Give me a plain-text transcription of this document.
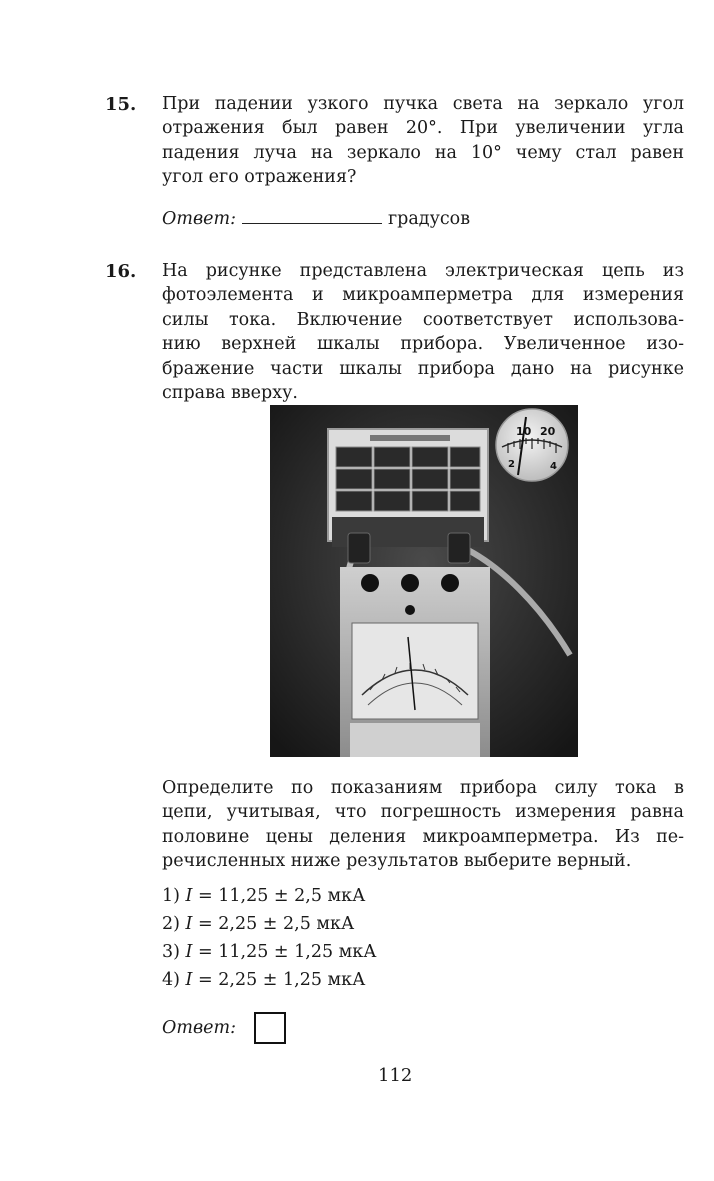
15. При падении узкого пучка света на зеркало угол
отражения был равен 20°. При увеличении угла
падения луча на зеркало на 10° чему стал равен
угол его отражения?
Ответ:	градусов
16. На рисунке представлена электрическая цепь из
фотоэлемента и микроамперметра для измерения
силы тока. Включение соответствует использова-
нию верхней шкалы прибора. Увеличенное изо-
бражение части шкалы прибора дано на рисунке
справа вверху.
10 20
2	4
Определите по показаниям прибора силу тока в
цепи, учитывая, что погрешность измерения равна
половине цены деления микроамперметра. Из пе-
речисленных ниже результатов выберите верный.
1) I = 11,25 ± 2,5 мкА
2) I = 2,25 ± 2,5 мкА
3) I = 11,25 ± 1,25 мкА
4) I = 2,25 ± 1,25 мкА
Ответ:
112
